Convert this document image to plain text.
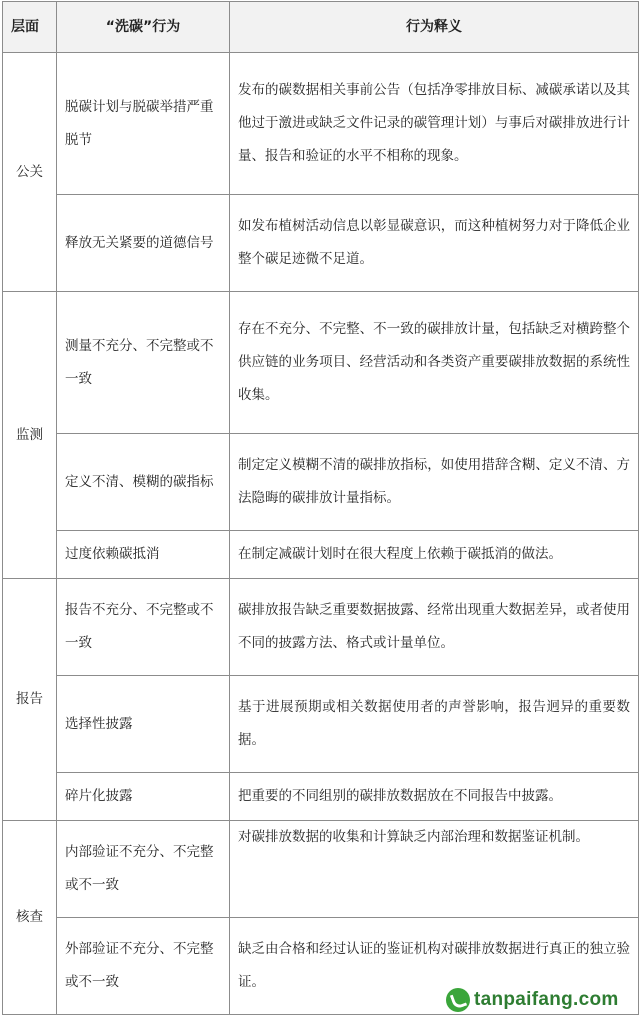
层面	“洗碳”行为	行为释义
公关	脱碳计划与脱碳举措严重脱节	发布的碳数据相关事前公告（包括净零排放目标、减碳承诺以及其他过于激进或缺乏文件记录的碳管理计划）与事后对碳排放进行计量、报告和验证的水平不相称的现象。
	释放无关紧要的道德信号	如发布植树活动信息以彰显碳意识，而这种植树努力对于降低企业整个碳足迹微不足道。
监测	测量不充分、不完整或不一致	存在不充分、不完整、不一致的碳排放计量，包括缺乏对横跨整个供应链的业务项目、经营活动和各类资产重要碳排放数据的系统性收集。
	定义不清、模糊的碳指标	制定定义模糊不清的碳排放指标，如使用措辞含糊、定义不清、方法隐晦的碳排放计量指标。
	过度依赖碳抵消	在制定减碳计划时在很大程度上依赖于碳抵消的做法。
报告	报告不充分、不完整或不一致	碳排放报告缺乏重要数据披露、经常出现重大数据差异，或者使用不同的披露方法、格式或计量单位。
	选择性披露	基于进展预期或相关数据使用者的声誉影响，报告迥异的重要数据。
	碎片化披露	把重要的不同组别的碳排放数据放在不同报告中披露。
核查	内部验证不充分、不完整或不一致	对碳排放数据的收集和计算缺乏内部治理和数据鉴证机制。
	外部验证不充分、不完整或不一致	缺乏由合格和经过认证的鉴证机构对碳排放数据进行真正的独立验证。
tanpaifang.com
